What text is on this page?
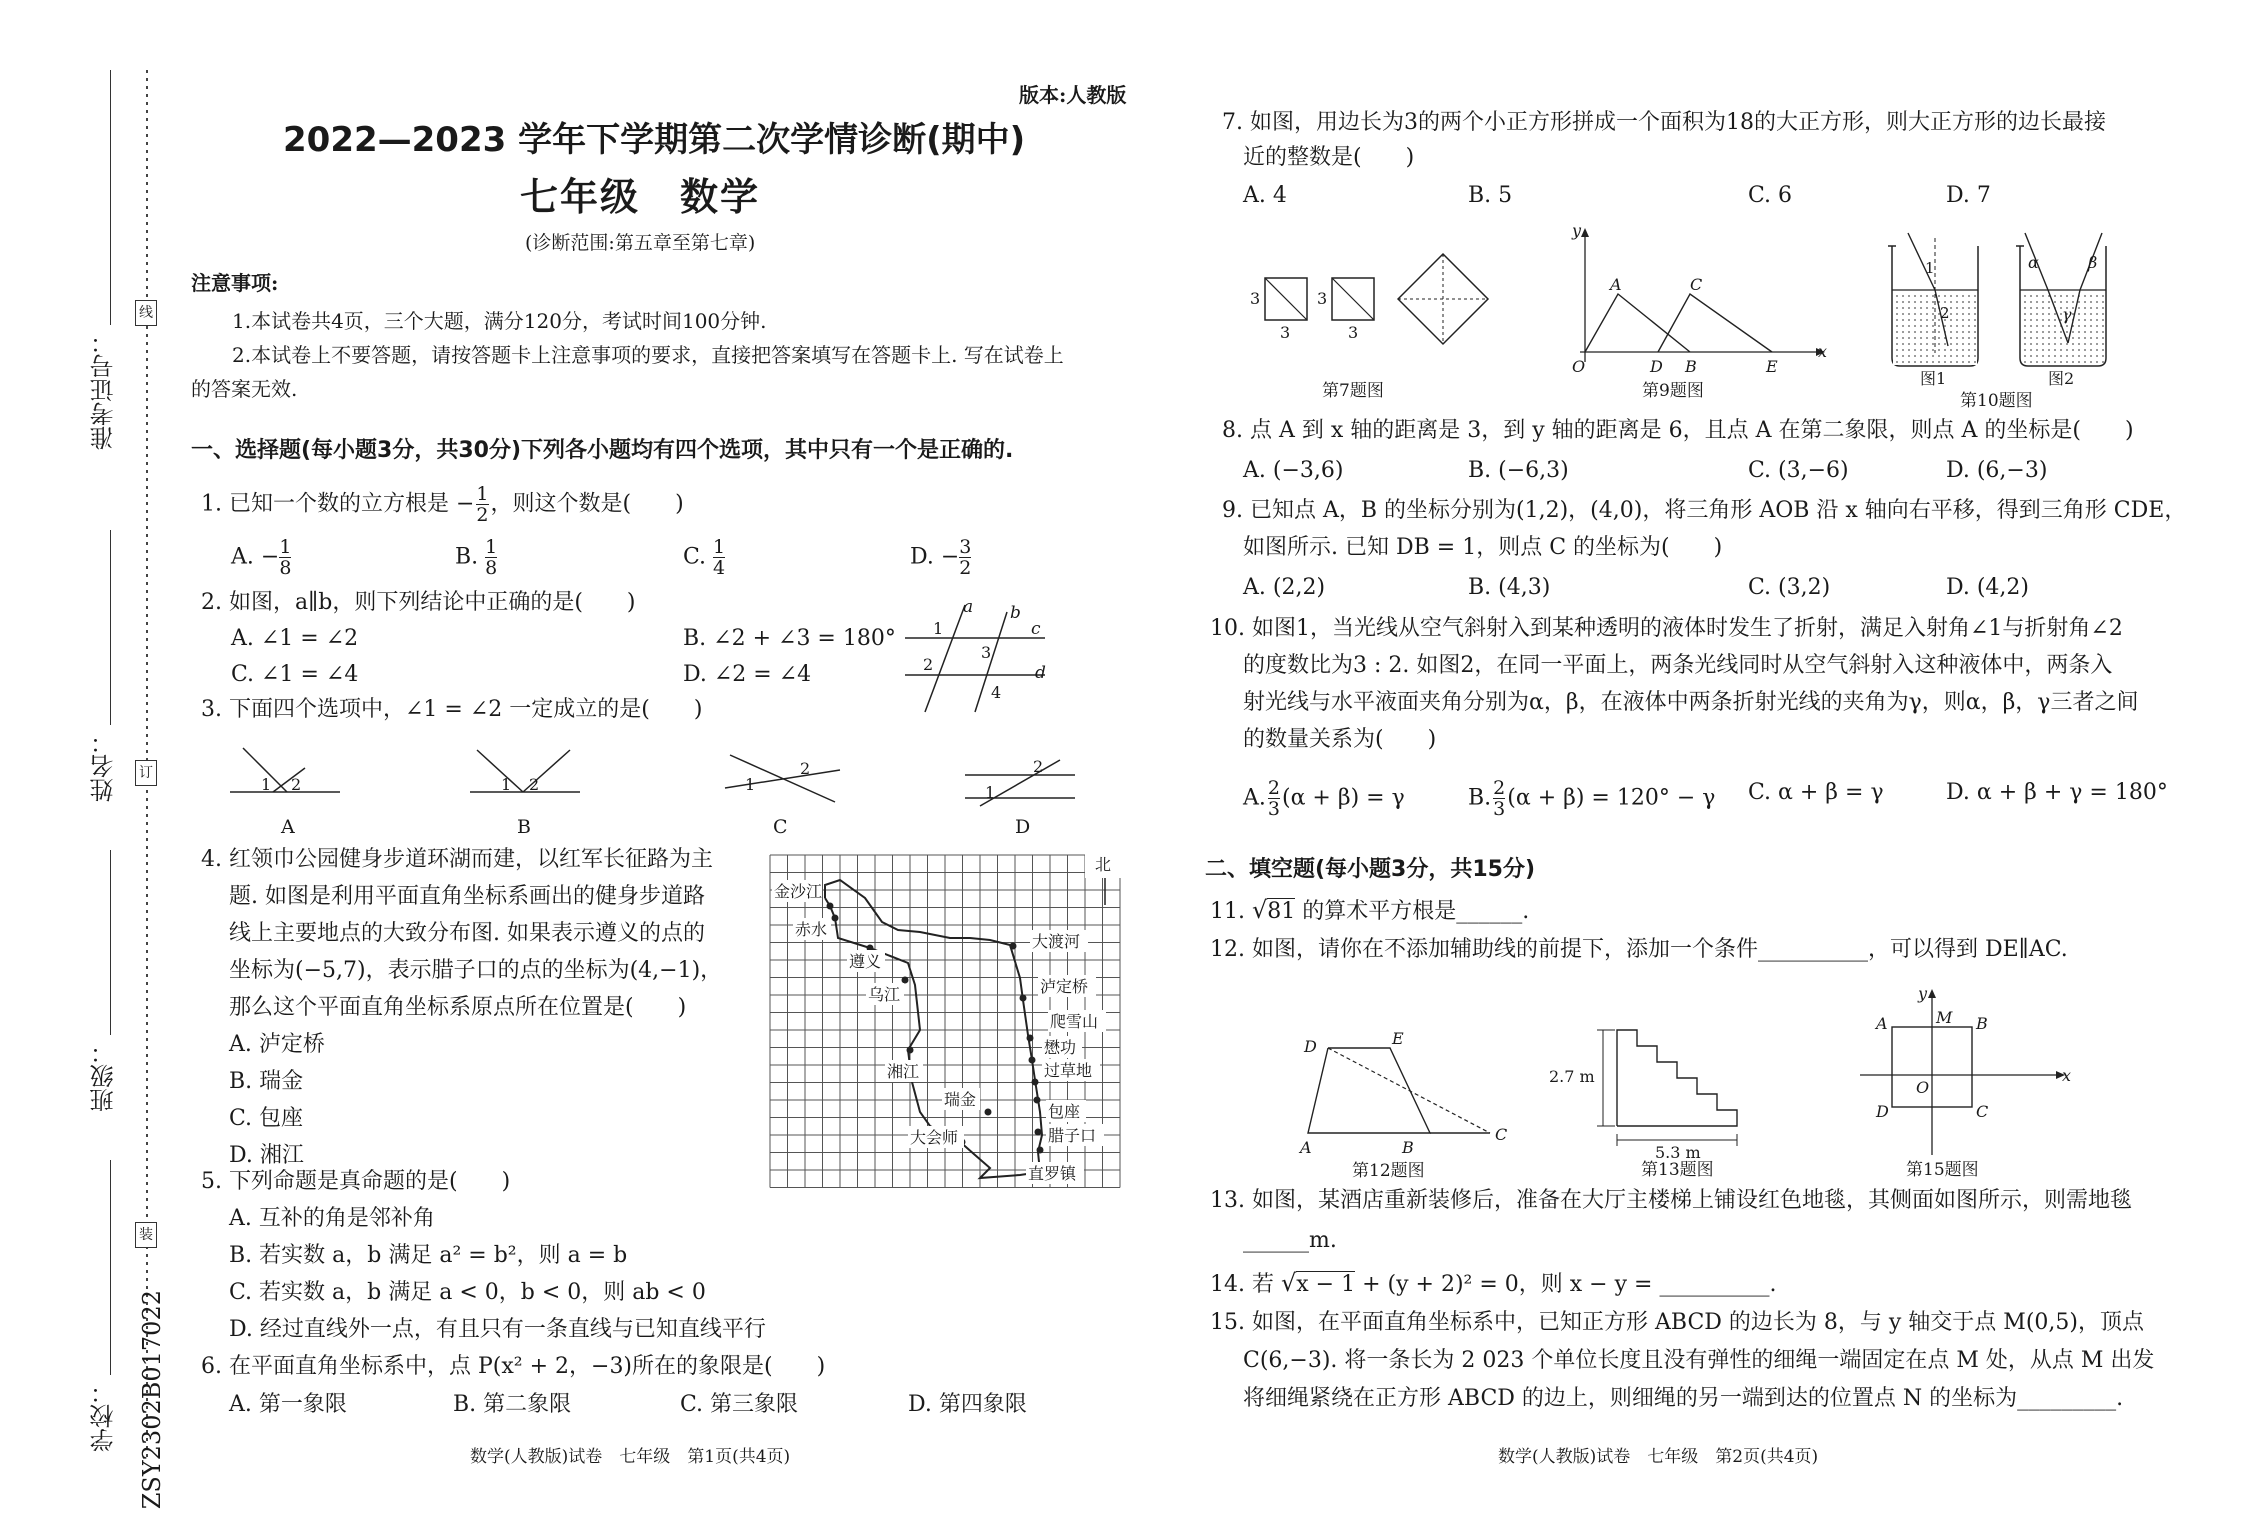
线
订
装
ZSY2302B017022
准考证号：
姓名：
班级：
学校：
版本:人教版
2022—2023 学年下学期第二次学情诊断(期中)
七年级　数学
(诊断范围:第五章至第七章)
注意事项:
1.本试卷共4页，三个大题，满分120分，考试时间100分钟.
2.本试卷上不要答题，请按答题卡上注意事项的要求，直接把答案填写在答题卡上. 写在试卷上
的答案无效.
一、选择题(每小题3分，共30分)下列各小题均有四个选项，其中只有一个是正确的.
1. 已知一个数的立方根是 − $\frac{1}{2}$ ，则这个数是(　　)
A. − $\frac{1}{8}$	B. $\frac{1}{8}$	C. $\frac{1}{4}$	D. − $\frac{3}{2}$
2. 如图，a∥b，则下列结论中正确的是(　　)
A. ∠1 = ∠2	B. ∠2 + ∠3 = 180°
C. ∠1 = ∠4	D. ∠2 = ∠4
a b
c
d
1
2
3
4
3. 下面四个选项中，∠1 = ∠2 一定成立的是(　　)
1 2
A
1 2
B
1
2
C
1
2
D
4. 红领巾公园健身步道环湖而建，以红军长征路为主
题. 如图是利用平面直角坐标系画出的健身步道路
线上主要地点的大致分布图. 如果表示遵义的点的
坐标为(−5,7)，表示腊子口的点的坐标为(4,−1)，
那么这个平面直角坐标系原点所在位置是(　　)
A. 泸定桥
B. 瑞金
C. 包座
D. 湘江
北
金沙江
赤水
遵义
乌江
湘江
瑞金
大会师
大渡河
泸定桥
爬雪山
懋功
过草地
包座
腊子口
直罗镇
5. 下列命题是真命题的是(　　)
A. 互补的角是邻补角
B. 若实数 a，b 满足 a² = b²，则 a = b
C. 若实数 a，b 满足 a < 0，b < 0，则 ab < 0
D. 经过直线外一点，有且只有一条直线与已知直线平行
6. 在平面直角坐标系中，点 P(x² + 2，−3)所在的象限是(　　)
A. 第一象限	B. 第二象限	C. 第三象限	D. 第四象限
数学(人教版)试卷　七年级　第1页(共4页)
7. 如图，用边长为3的两个小正方形拼成一个面积为18的大正方形，则大正方形的边长最接
近的整数是(　　)
A. 4	B. 5	C. 6	D. 7
3
3
3
3
第7题图
y
x
O
A	C
D B	E
第9题图
1
2
α	β
γ
图1	图2
第10题图
8. 点 A 到 x 轴的距离是 3，到 y 轴的距离是 6，且点 A 在第二象限，则点 A 的坐标是(　　)
A. (−3,6)	B. (−6,3)	C. (3,−6)	D. (6,−3)
9. 已知点 A，B 的坐标分别为(1,2)，(4,0)，将三角形 AOB 沿 x 轴向右平移，得到三角形 CDE，
如图所示. 已知 DB = 1，则点 C 的坐标为(　　)
A. (2,2)	B. (4,3)	C. (3,2)	D. (4,2)
10. 如图1，当光线从空气斜射入到某种透明的液体时发生了折射，满足入射角∠1与折射角∠2
的度数比为3 : 2. 如图2，在同一平面上，两条光线同时从空气斜射入这种液体中，两条入
射光线与水平液面夹角分别为α，β，在液体中两条折射光线的夹角为γ，则α，β，γ三者之间
的数量关系为(　　)
A. $\frac{2}{3} (\alpha + \beta) = \gamma$	B. $\frac{2}{3} (\alpha + \beta) = 120^\circ - \gamma$ C. α + β = γ	D. α + β + γ = 180°
二、填空题(每小题3分，共15分)
11. √81 的算术平方根是______.
12. 如图，请你在不添加辅助线的前提下，添加一个条件__________，可以得到 DE∥AC.
D	E
A	B
C
第12题图
2.7 m
5.3 m
第13题图
y
x
A	M B
O
D	C
第15题图
13. 如图，某酒店重新装修后，准备在大厅主楼梯上铺设红色地毯，其侧面如图所示，则需地毯
______m.
14. 若 √x − 1 + (y + 2)² = 0，则 x − y = __________.
15. 如图，在平面直角坐标系中，已知正方形 ABCD 的边长为 8，与 y 轴交于点 M(0,5)，顶点
C(6,−3). 将一条长为 2 023 个单位长度且没有弹性的细绳一端固定在点 M 处，从点 M 出发
将细绳紧绕在正方形 ABCD 的边上，则细绳的另一端到达的位置点 N 的坐标为_________.
数学(人教版)试卷　七年级　第2页(共4页)
